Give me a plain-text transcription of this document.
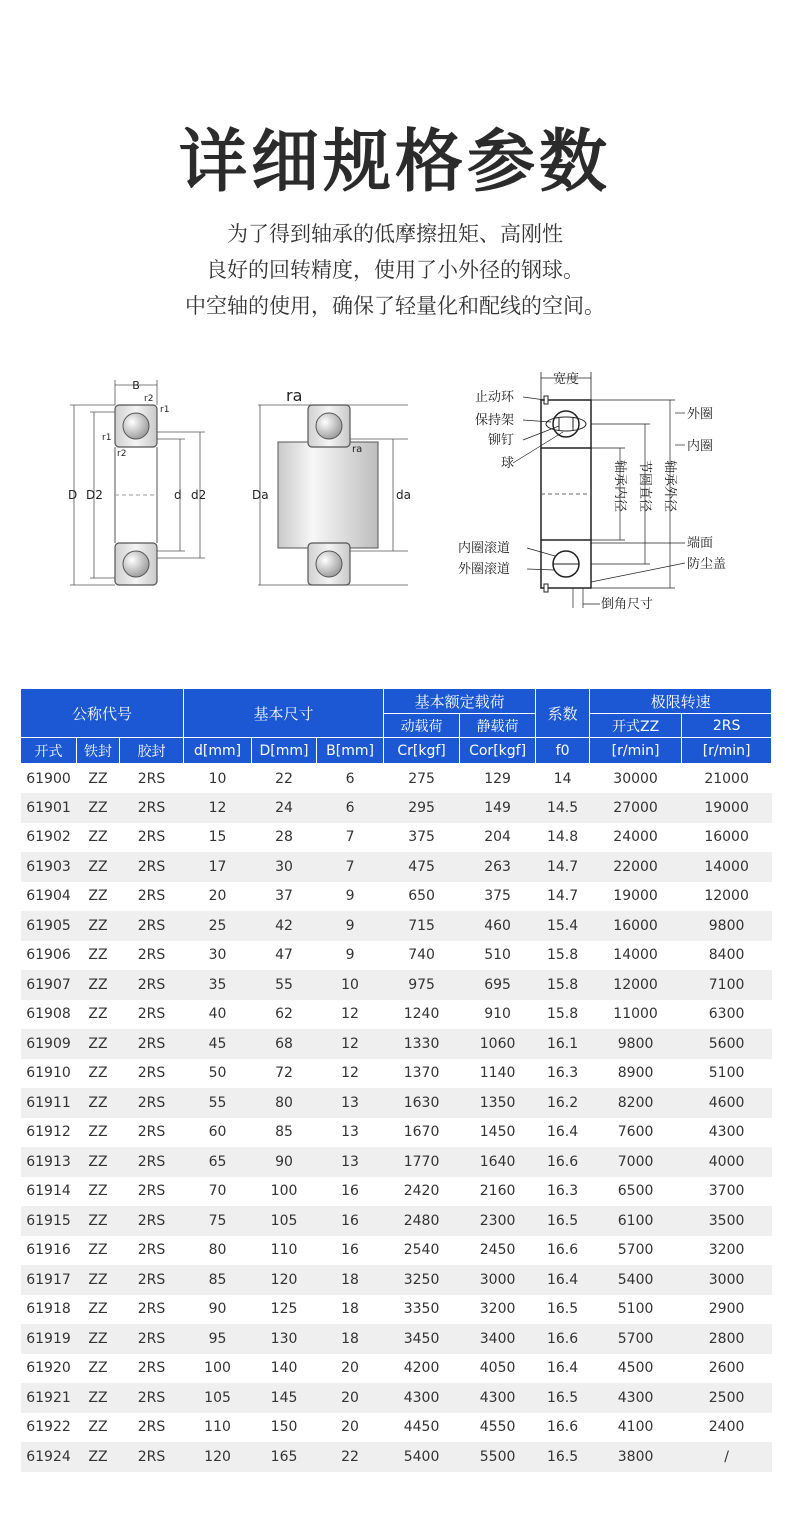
详细规格参数
为了得到轴承的低摩擦扭矩、高刚性
良好的回转精度，使用了小外径的钢球。
中空轴的使用，确保了轻量化和配线的空间。
B
r2
r1
r1
r2
D D2	d d2
ra
ra
Da	da
宽度
轴承内径 节圆直径 轴承外径
止动环
保持架
铆钉
球
内圈滚道
外圈滚道
外圈
内圈
端面
防尘盖
倒角尺寸
公称代号			基本尺寸			基本额定载荷		系数	极限转速	
						动载荷	静载荷		开式ZZ	2RS
开式	铁封	胶封	d[mm]	D[mm]	B[mm]	Cr[kgf]	Cor[kgf]	f0	[r/min]	[r/min]
61900	ZZ	2RS	10	22	6	275	129	14	30000	21000
61901	ZZ	2RS	12	24	6	295	149	14.5	27000	19000
61902	ZZ	2RS	15	28	7	375	204	14.8	24000	16000
61903	ZZ	2RS	17	30	7	475	263	14.7	22000	14000
61904	ZZ	2RS	20	37	9	650	375	14.7	19000	12000
61905	ZZ	2RS	25	42	9	715	460	15.4	16000	9800
61906	ZZ	2RS	30	47	9	740	510	15.8	14000	8400
61907	ZZ	2RS	35	55	10	975	695	15.8	12000	7100
61908	ZZ	2RS	40	62	12	1240	910	15.8	11000	6300
61909	ZZ	2RS	45	68	12	1330	1060	16.1	9800	5600
61910	ZZ	2RS	50	72	12	1370	1140	16.3	8900	5100
61911	ZZ	2RS	55	80	13	1630	1350	16.2	8200	4600
61912	ZZ	2RS	60	85	13	1670	1450	16.4	7600	4300
61913	ZZ	2RS	65	90	13	1770	1640	16.6	7000	4000
61914	ZZ	2RS	70	100	16	2420	2160	16.3	6500	3700
61915	ZZ	2RS	75	105	16	2480	2300	16.5	6100	3500
61916	ZZ	2RS	80	110	16	2540	2450	16.6	5700	3200
61917	ZZ	2RS	85	120	18	3250	3000	16.4	5400	3000
61918	ZZ	2RS	90	125	18	3350	3200	16.5	5100	2900
61919	ZZ	2RS	95	130	18	3450	3400	16.6	5700	2800
61920	ZZ	2RS	100	140	20	4200	4050	16.4	4500	2600
61921	ZZ	2RS	105	145	20	4300	4300	16.5	4300	2500
61922	ZZ	2RS	110	150	20	4450	4550	16.6	4100	2400
61924	ZZ	2RS	120	165	22	5400	5500	16.5	3800	/
